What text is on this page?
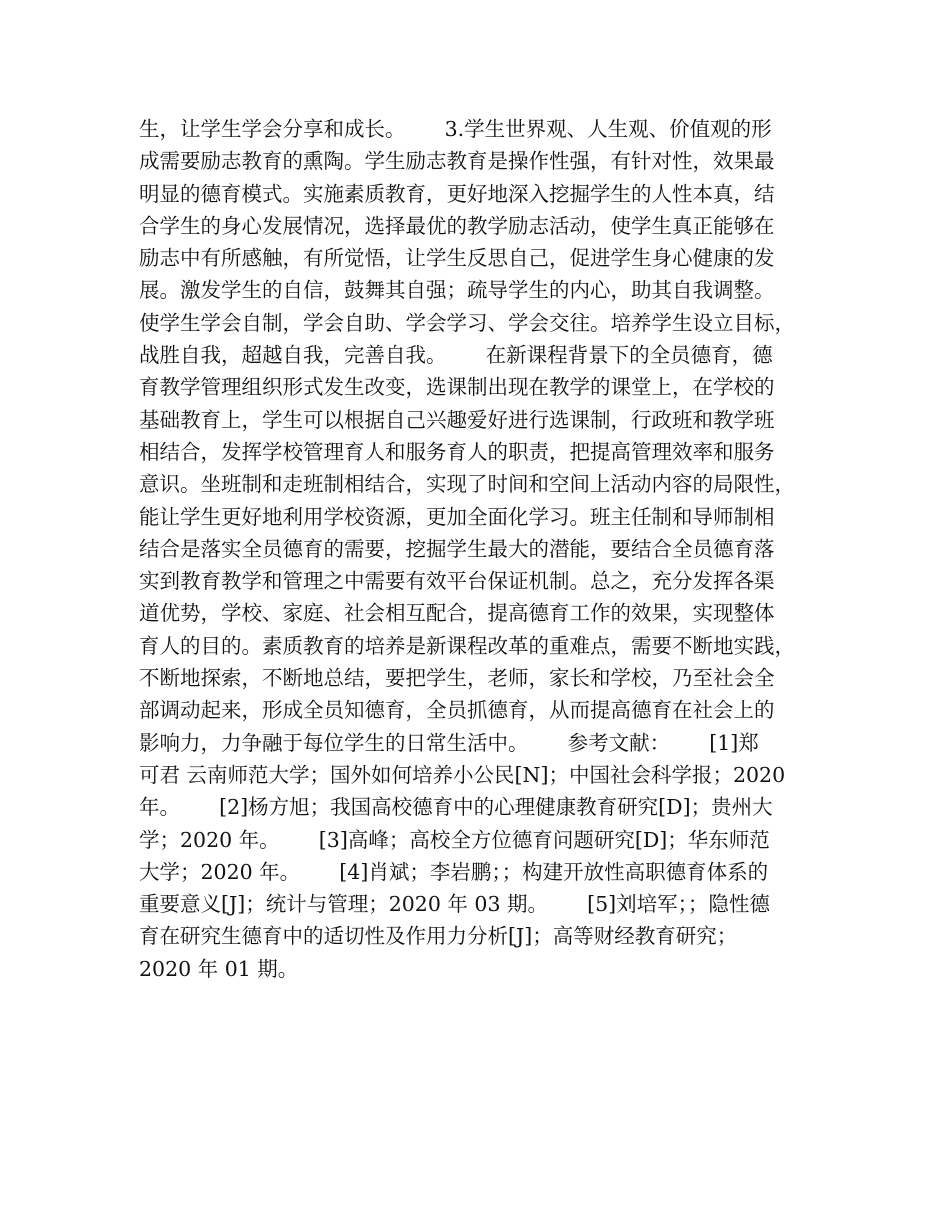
生，让学生学会分享和成长。      3.学生世界观、人生观、价值观的形
成需要励志教育的熏陶。学生励志教育是操作性强，有针对性，效果最
明显的德育模式。实施素质教育，更好地深入挖掘学生的人性本真，结
合学生的身心发展情况，选择最优的教学励志活动，使学生真正能够在
励志中有所感触，有所觉悟，让学生反思自己，促进学生身心健康的发
展。激发学生的自信，鼓舞其自强；疏导学生的内心，助其自我调整。
使学生学会自制，学会自助、学会学习、学会交往。培养学生设立目标，
战胜自我，超越自我，完善自我。      在新课程背景下的全员德育，德
育教学管理组织形式发生改变，选课制出现在教学的课堂上，在学校的
基础教育上，学生可以根据自己兴趣爱好进行选课制，行政班和教学班
相结合，发挥学校管理育人和服务育人的职责，把提高管理效率和服务
意识。坐班制和走班制相结合，实现了时间和空间上活动内容的局限性，
能让学生更好地利用学校资源，更加全面化学习。班主任制和导师制相
结合是落实全员德育的需要，挖掘学生最大的潜能，要结合全员德育落
实到教育教学和管理之中需要有效平台保证机制。总之，充分发挥各渠
道优势，学校、家庭、社会相互配合，提高德育工作的效果，实现整体
育人的目的。素质教育的培养是新课程改革的重难点，需要不断地实践，
不断地探索，不断地总结，要把学生，老师，家长和学校，乃至社会全
部调动起来，形成全员知德育，全员抓德育，从而提高德育在社会上的
影响力，力争融于每位学生的日常生活中。      参考文献：      [1]郑
可君 云南师范大学；国外如何培养小公民[N]；中国社会科学报；2020
年。      [2]杨方旭；我国高校德育中的心理健康教育研究[D]；贵州大
学；2020 年。      [3]高峰；高校全方位德育问题研究[D]；华东师范
大学；2020 年。      [4]肖斌；李岩鹏；；构建开放性高职德育体系的
重要意义[J]；统计与管理；2020 年 03 期。      [5]刘培军；；隐性德
育在研究生德育中的适切性及作用力分析[J]；高等财经教育研究；
2020 年 01 期。
